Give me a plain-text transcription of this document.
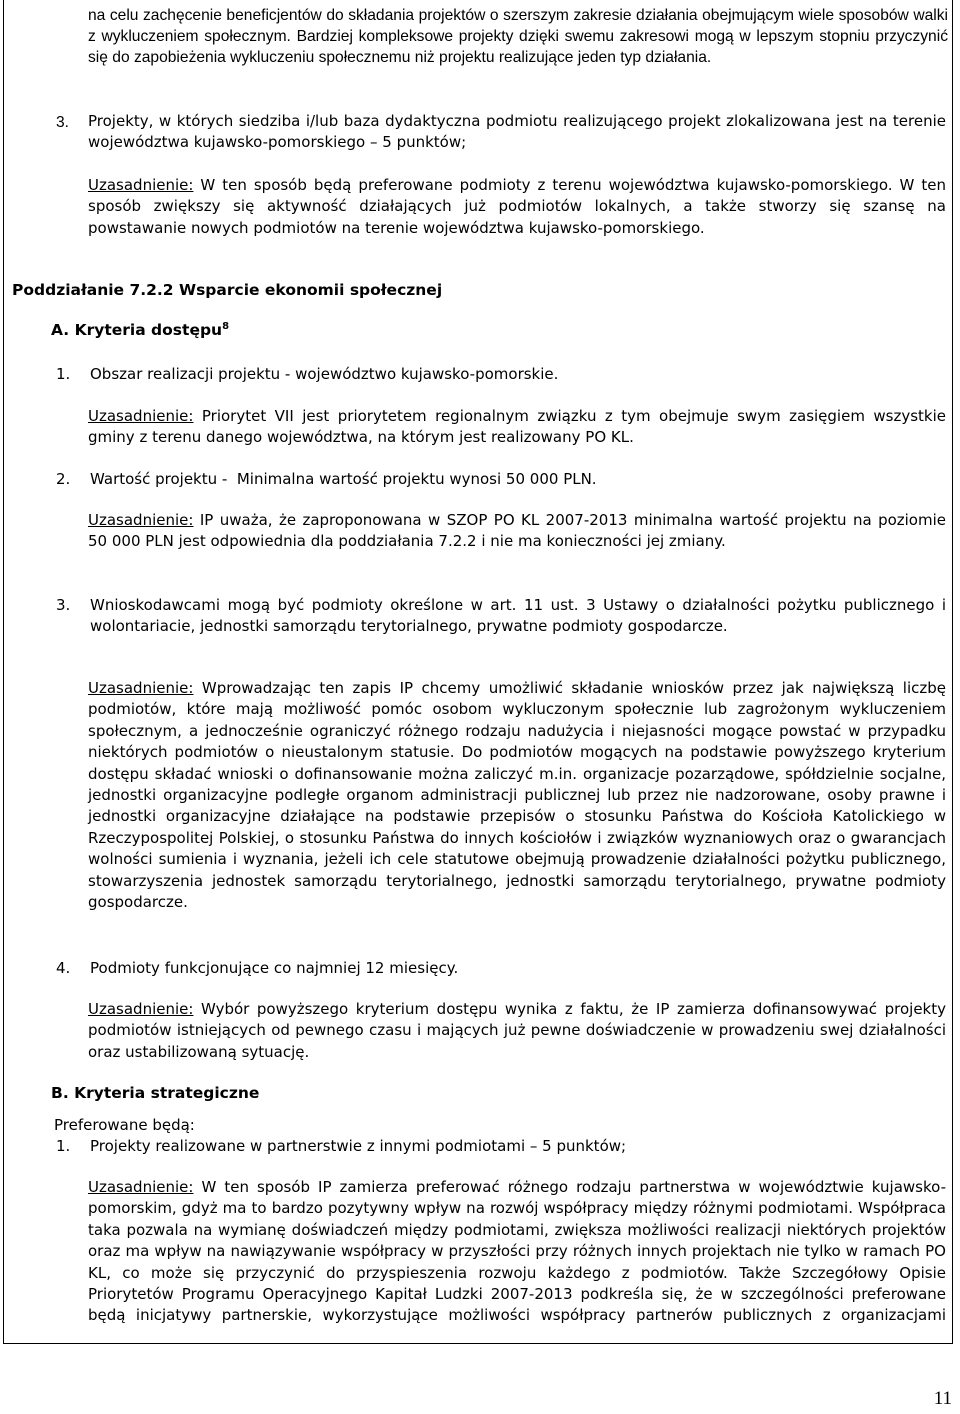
na celu zachęcenie beneficjentów do składania projektów o szerszym zakresie działania obejmującym wiele sposobów walki z wykluczeniem społecznym. Bardziej kompleksowe projekty dzięki swemu zakresowi mogą w lepszym stopniu przyczynić się do zapobieżenia wykluczeniu społecznemu niż projektu realizujące jeden typ działania.

3. Projekty, w których siedziba i/lub baza dydaktyczna podmiotu realizującego projekt zlokalizowana jest na terenie województwa kujawsko-pomorskiego – 5 punktów;

Uzasadnienie: W ten sposób będą preferowane podmioty z terenu województwa kujawsko-pomorskiego. W ten sposób zwiększy się aktywność działających już podmiotów lokalnych, a także stworzy się szansę na powstawanie nowych podmiotów na terenie województwa kujawsko-pomorskiego.

Poddziałanie 7.2.2 Wsparcie ekonomii społecznej
A. Kryteria dostępu$^8$
1. Obszar realizacji projektu - województwo kujawsko-pomorskie.

Uzasadnienie: Priorytet VII jest priorytetem regionalnym związku z tym obejmuje swym zasięgiem wszystkie gminy z terenu danego województwa, na którym jest realizowany PO KL.

2. Wartość projektu -  Minimalna wartość projektu wynosi 50 000 PLN.

Uzasadnienie: IP uważa, że zaproponowana w SZOP PO KL 2007-2013 minimalna wartość projektu na poziomie 50 000 PLN jest odpowiednia dla poddziałania 7.2.2 i nie ma konieczności jej zmiany.

3. Wnioskodawcami mogą być podmioty określone w art. 11 ust. 3 Ustawy o działalności pożytku publicznego i wolontariacie, jednostki samorządu terytorialnego, prywatne podmioty gospodarcze.

Uzasadnienie: Wprowadzając ten zapis IP chcemy umożliwić składanie wniosków przez jak największą liczbę podmiotów, które mają możliwość pomóc osobom wykluczonym społecznie lub zagrożonym wykluczeniem społecznym, a jednocześnie ograniczyć różnego rodzaju nadużycia i niejasności mogące powstać w przypadku niektórych podmiotów o nieustalonym statusie. Do podmiotów mogących na podstawie powyższego kryterium dostępu składać wnioski o dofinansowanie można zaliczyć m.in. organizacje pozarządowe, spółdzielnie socjalne, jednostki organizacyjne podległe organom administracji publicznej lub przez nie nadzorowane, osoby prawne i jednostki organizacyjne działające na podstawie przepisów o stosunku Państwa do Kościoła Katolickiego w Rzeczypospolitej Polskiej, o stosunku Państwa do innych kościołów i związków wyznaniowych oraz o gwarancjach wolności sumienia i wyznania, jeżeli ich cele statutowe obejmują prowadzenie działalności pożytku publicznego, stowarzyszenia jednostek samorządu terytorialnego, jednostki samorządu terytorialnego, prywatne podmioty gospodarcze.

4. Podmioty funkcjonujące co najmniej 12 miesięcy.

Uzasadnienie: Wybór powyższego kryterium dostępu wynika z faktu, że IP zamierza dofinansowywać projekty podmiotów istniejących od pewnego czasu i mających już pewne doświadczenie w prowadzeniu swej działalności oraz ustabilizowaną sytuację.

B. Kryteria strategiczne

Preferowane będą:

1. Projekty realizowane w partnerstwie z innymi podmiotami – 5 punktów;

Uzasadnienie: W ten sposób IP zamierza preferować różnego rodzaju partnerstwa w województwie kujawsko-pomorskim, gdyż ma to bardzo pozytywny wpływ na rozwój współpracy między różnymi podmiotami. Współpraca taka pozwala na wymianę doświadczeń między podmiotami, zwiększa możliwości realizacji niektórych projektów oraz ma wpływ na nawiązywanie współpracy w przyszłości przy różnych innych projektach nie tylko w ramach PO KL, co może się przyczynić do przyspieszenia rozwoju każdego z podmiotów. Także Szczegółowy Opisie Priorytetów Programu Operacyjnego Kapitał Ludzki 2007-2013 podkreśla się, że w szczególności preferowane będą inicjatywy partnerskie, wykorzystujące możliwości współpracy partnerów publicznych z organizacjami

11
